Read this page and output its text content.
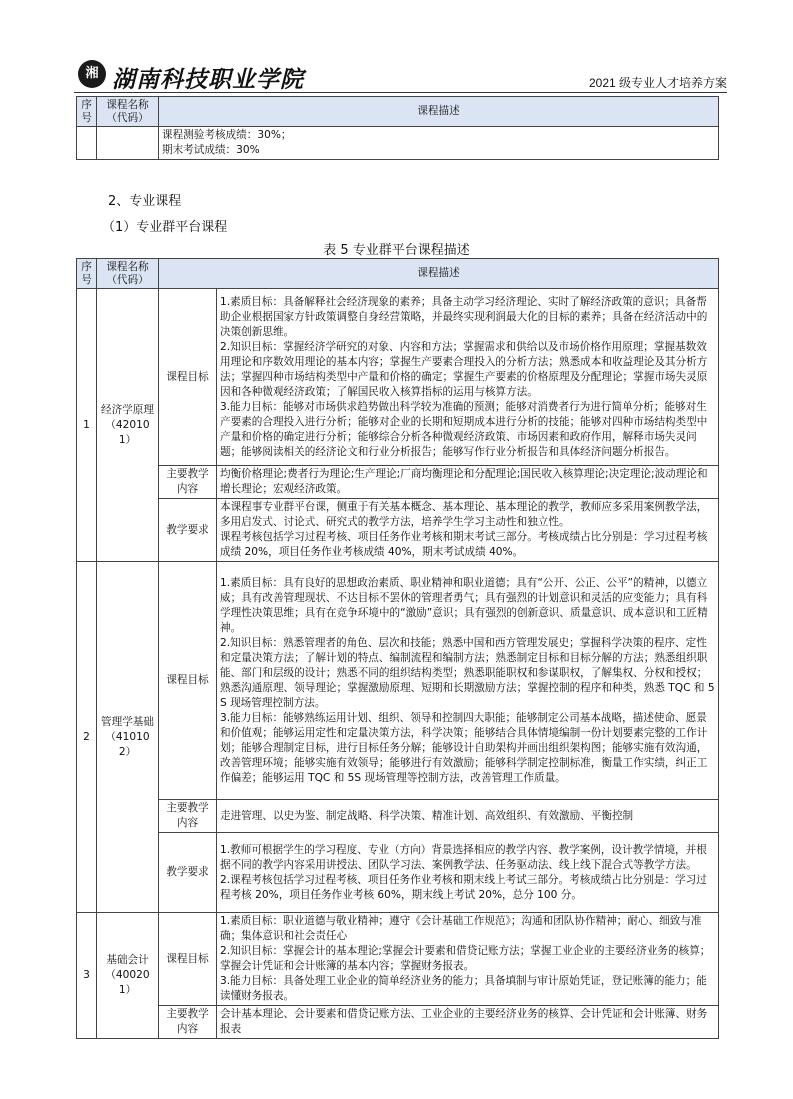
湘 湖南科技职业学院	2021 级专业人才培养方案
序号	课程名称（代码）	课程描述

		课程测验考核成绩：30%；
期末考试成绩：30%
2、专业课程
（1）专业群平台课程
表 5 专业群平台课程描述
序号	课程名称（代码）	课程描述	
1	经济学原理（420101）	课程目标	1.素质目标：具备解释社会经济现象的素养；具备主动学习经济理论、实时了解经济政策的意识；具备帮助企业根据国家方针政策调整自身经营策略，并最终实现利润最大化的目标的素养；具备在经济活动中的决策创新思维。
2.知识目标：掌握经济学研究的对象、内容和方法；掌握需求和供给以及市场价格作用原理；掌握基数效用理论和序数效用理论的基本内容；掌握生产要素合理投入的分析方法；熟悉成本和收益理论及其分析方法；掌握四种市场结构类型中产量和价格的确定；掌握生产要素的价格原理及分配理论；掌握市场失灵原因和各种微观经济政策；了解国民收入核算指标的运用与核算方法。
3.能力目标：能够对市场供求趋势做出科学较为准确的预测；能够对消费者行为进行简单分析；能够对生产要素的合理投入进行分析；能够对企业的长期和短期成本进行分析的技能；能够对四种市场结构类型中产量和价格的确定进行分析；能够综合分析各种微观经济政策、市场因素和政府作用，解释市场失灵问题；能够阅读相关的经济论文和行业分析报告；能够写作行业分析报告和具体经济问题分析报告。

		主要教学内容	均衡价格理论;费者行为理论;生产理论;厂商均衡理论和分配理论;国民收入核算理论;决定理论;波动理论和增长理论；宏观经济政策。

		教学要求	本课程事专业群平台课，侧重于有关基本概念、基本理论、基本理论的教学，教师应多采用案例教学法，多用启发式、讨论式、研究式的教学方法，培养学生学习主动性和独立性。
课程考核包括学习过程考核、项目任务作业考核和期末考试三部分。考核成绩占比分别是：学习过程考核成绩 20%，项目任务作业考核成绩 40%，期末考试成绩 40%。

2	管理学基础（410102）	课程目标	1.素质目标：具有良好的思想政治素质、职业精神和职业道德；具有“公开、公正、公平”的精神，以德立威；具有改善管理现状、不达目标不罢休的管理者勇气；具有强烈的计划意识和灵活的应变能力；具有科学理性决策思维；具有在竞争环境中的“激励”意识；具有强烈的创新意识、质量意识、成本意识和工匠精神。
2.知识目标：熟悉管理者的角色、层次和技能；熟悉中国和西方管理发展史；掌握科学决策的程序、定性和定量决策方法；了解计划的特点、编制流程和编制方法；熟悉制定目标和目标分解的方法；熟悉组织职能、部门和层级的设计；熟悉不同的组织结构类型；熟悉职能职权和参谋职权，了解集权、分权和授权；熟悉沟通原理、领导理论；掌握激励原理、短期和长期激励方法；掌握控制的程序和种类，熟悉 TQC 和 5S 现场管理控制方法。
3.能力目标：能够熟练运用计划、组织、领导和控制四大职能；能够制定公司基本战略，描述使命、愿景和价值观；能够运用定性和定量决策方法，科学决策；能够结合具体情境编制一份计划要素完整的工作计划；能够合理制定目标，进行目标任务分解；能够设计自助架构并画出组织架构图；能够实施有效沟通，改善管理环境；能够实施有效领导；能够进行有效激励；能够科学制定控制标准，衡量工作实绩，纠正工作偏差；能够运用 TQC 和 5S 现场管理等控制方法，改善管理工作质量。

		主要教学内容	走进管理、以史为鉴、制定战略、科学决策、精准计划、高效组织、有效激励、平衡控制

		教学要求	1.教师可根据学生的学习程度、专业（方向）背景选择相应的教学内容、教学案例，设计教学情境，并根据不同的教学内容采用讲授法、团队学习法、案例教学法、任务驱动法、线上线下混合式等教学方法。
2.课程考核包括学习过程考核、项目任务作业考核和期末线上考试三部分。考核成绩占比分别是：学习过程考核 20%，项目任务作业考核 60%，期末线上考试 20%，总分 100 分。

3	基础会计（400201）	课程目标	1.素质目标：职业道德与敬业精神；遵守《会计基础工作规范》；沟通和团队协作精神；耐心、细致与准确；集体意识和社会责任心
2.知识目标：掌握会计的基本理论;掌握会计要素和借贷记账方法；掌握工业企业的主要经济业务的核算；掌握会计凭证和会计账簿的基本内容；掌握财务报表。
3.能力目标：具备处理工业企业的简单经济业务的能力；具备填制与审计原始凭证，登记账簿的能力；能读懂财务报表。

		主要教学内容	会计基本理论、会计要素和借贷记账方法、工业企业的主要经济业务的核算、会计凭证和会计账簿、财务报表
